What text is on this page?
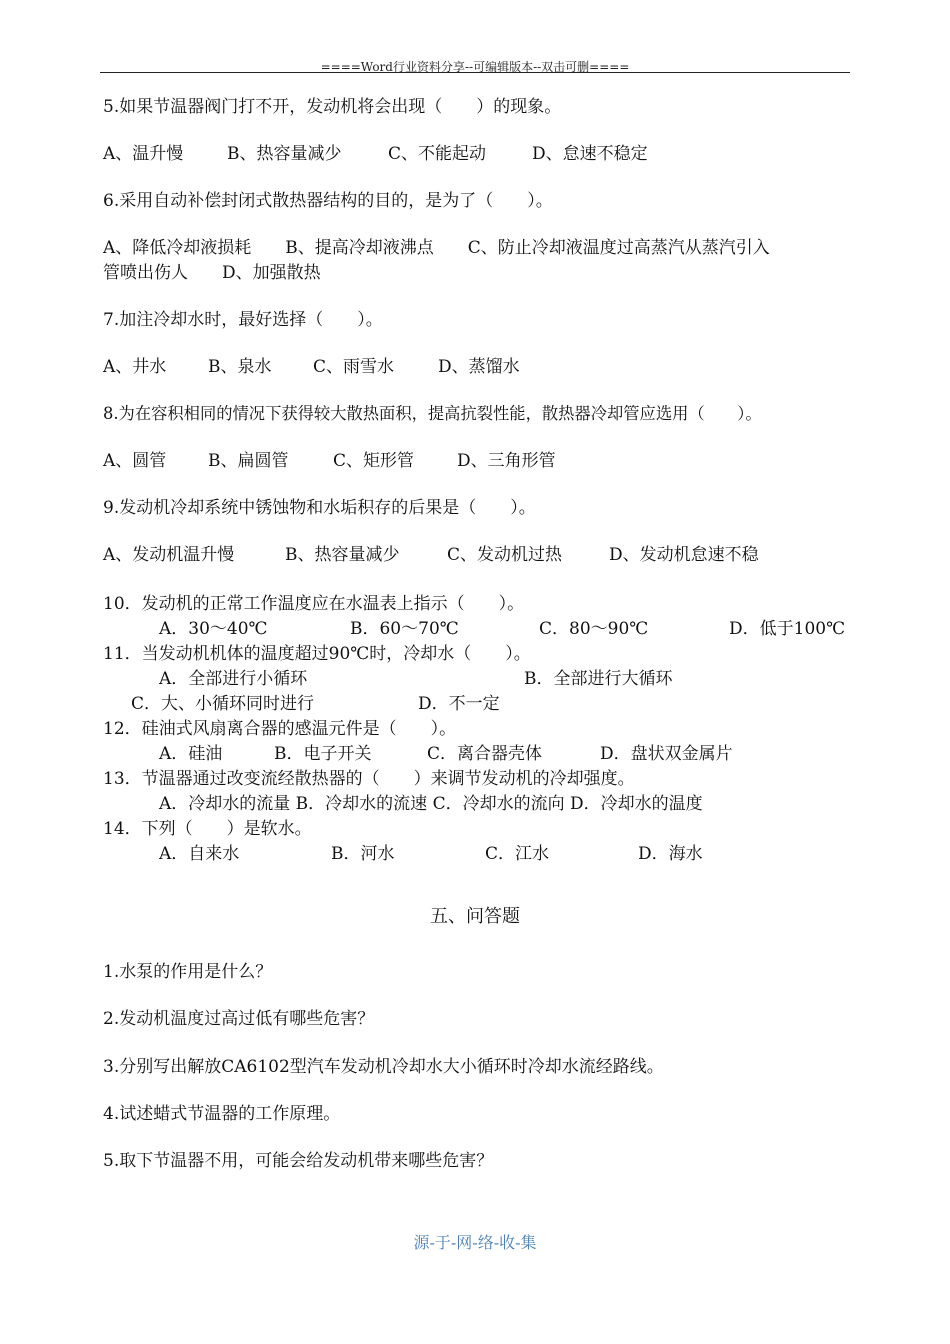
====Word行业资料分享--可编辑版本--双击可删====
5.如果节温器阀门打不开，发动机将会出现（　　）的现象。
A、温升慢	B、热容量减少	C、不能起动	D、怠速不稳定
6.采用自动补偿封闭式散热器结构的目的，是为了（　　）。
A、降低冷却液损耗　　B、提高冷却液沸点　　C、防止冷却液温度过高蒸汽从蒸汽引入
管喷出伤人　　D、加强散热
7.加注冷却水时，最好选择（　　）。
A、井水 B、泉水 C、雨雪水	D、蒸馏水
8.为在容积相同的情况下获得较大散热面积，提高抗裂性能，散热器冷却管应选用（　　）。
A、圆管 B、扁圆管	C、矩形管	D、三角形管
9.发动机冷却系统中锈蚀物和水垢积存的后果是（　　）。
A、发动机温升慢	B、热容量减少	C、发动机过热	D、发动机怠速不稳
10．发动机的正常工作温度应在水温表上指示（　　）。
A．30～40℃	B．60～70℃	C．80～90℃	D．低于100℃
11．当发动机机体的温度超过90℃时，冷却水（　　）。
A．全部进行小循环	B．全部进行大循环
C．大、小循环同时进行	D．不一定
12．硅油式风扇离合器的感温元件是（　　）。
A．硅油	B．电子开关	C．离合器壳体	D．盘状双金属片
13．节温器通过改变流经散热器的（　　）来调节发动机的冷却强度。
A．冷却水的流量 B．冷却水的流速 C．冷却水的流向 D．冷却水的温度
14．下列（　　）是软水。
A．自来水	B．河水	C．江水	D．海水
五、问答题
1.水泵的作用是什么？
2.发动机温度过高过低有哪些危害？
3.分别写出解放CA6102型汽车发动机冷却水大小循环时冷却水流经路线。
4.试述蜡式节温器的工作原理。
5.取下节温器不用，可能会给发动机带来哪些危害？
源-于-网-络-收-集
